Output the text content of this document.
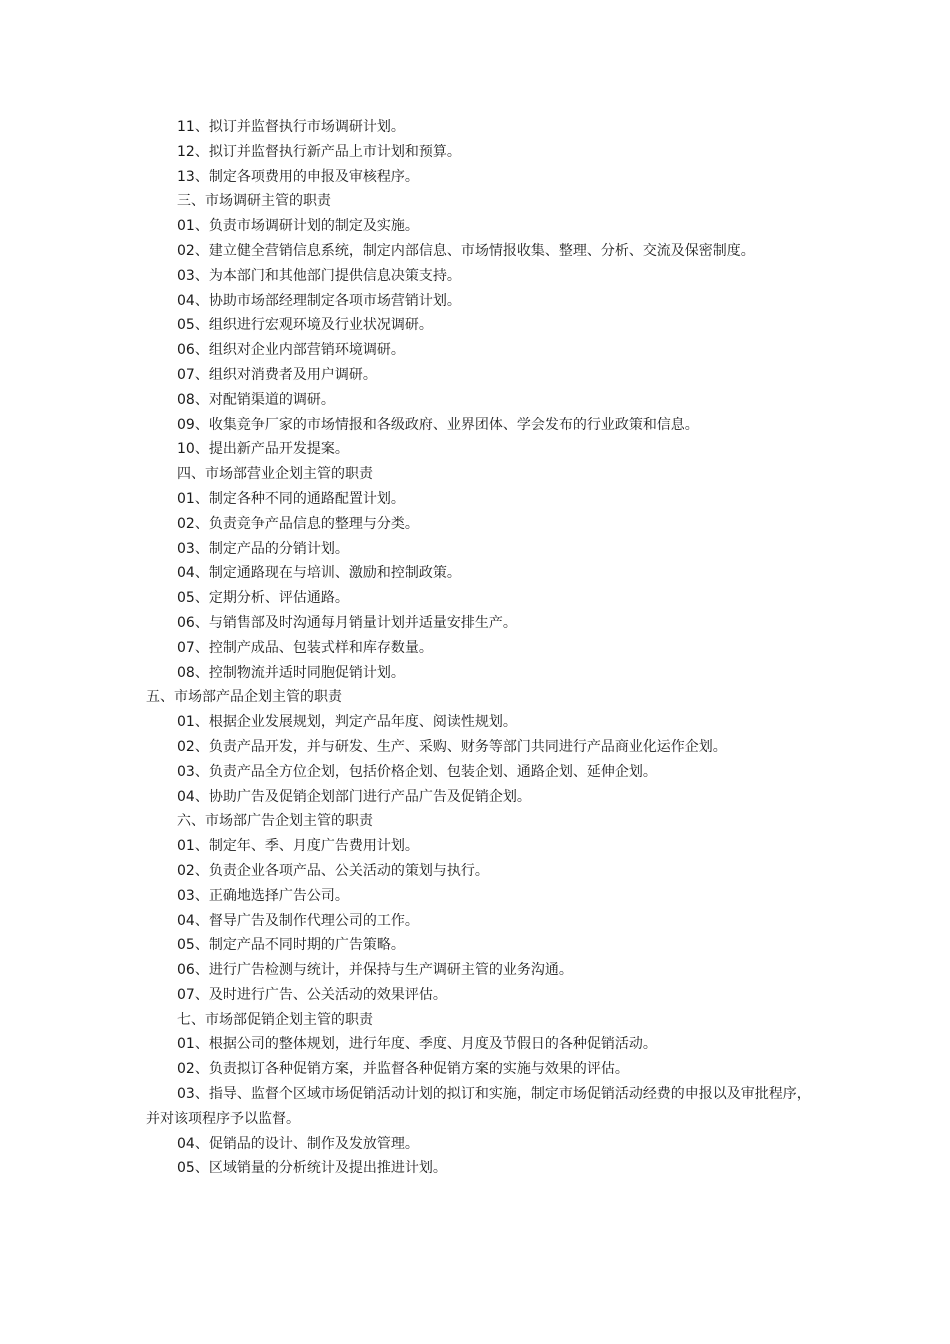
11、拟订并监督执行市场调研计划。
12、拟订并监督执行新产品上市计划和预算。
13、制定各项费用的申报及审核程序。
三、市场调研主管的职责
01、负责市场调研计划的制定及实施。
02、建立健全营销信息系统，制定内部信息、市场情报收集、整理、分析、交流及保密制度。
03、为本部门和其他部门提供信息决策支持。
04、协助市场部经理制定各项市场营销计划。
05、组织进行宏观环境及行业状况调研。
06、组织对企业内部营销环境调研。
07、组织对消费者及用户调研。
08、对配销渠道的调研。
09、收集竞争厂家的市场情报和各级政府、业界团体、学会发布的行业政策和信息。
10、提出新产品开发提案。
四、市场部营业企划主管的职责
01、制定各种不同的通路配置计划。
02、负责竞争产品信息的整理与分类。
03、制定产品的分销计划。
04、制定通路现在与培训、激励和控制政策。
05、定期分析、评估通路。
06、与销售部及时沟通每月销量计划并适量安排生产。
07、控制产成品、包装式样和库存数量。
08、控制物流并适时同胞促销计划。
五、市场部产品企划主管的职责
01、根据企业发展规划，判定产品年度、阅读性规划。
02、负责产品开发，并与研发、生产、采购、财务等部门共同进行产品商业化运作企划。
03、负责产品全方位企划，包括价格企划、包装企划、通路企划、延伸企划。
04、协助广告及促销企划部门进行产品广告及促销企划。
六、市场部广告企划主管的职责
01、制定年、季、月度广告费用计划。
02、负责企业各项产品、公关活动的策划与执行。
03、正确地选择广告公司。
04、督导广告及制作代理公司的工作。
05、制定产品不同时期的广告策略。
06、进行广告检测与统计，并保持与生产调研主管的业务沟通。
07、及时进行广告、公关活动的效果评估。
七、市场部促销企划主管的职责
01、根据公司的整体规划，进行年度、季度、月度及节假日的各种促销活动。
02、负责拟订各种促销方案，并监督各种促销方案的实施与效果的评估。
03、指导、监督个区域市场促销活动计划的拟订和实施，制定市场促销活动经费的申报以及审批程序，并对该项程序予以监督。
04、促销品的设计、制作及发放管理。
05、区域销量的分析统计及提出推进计划。
